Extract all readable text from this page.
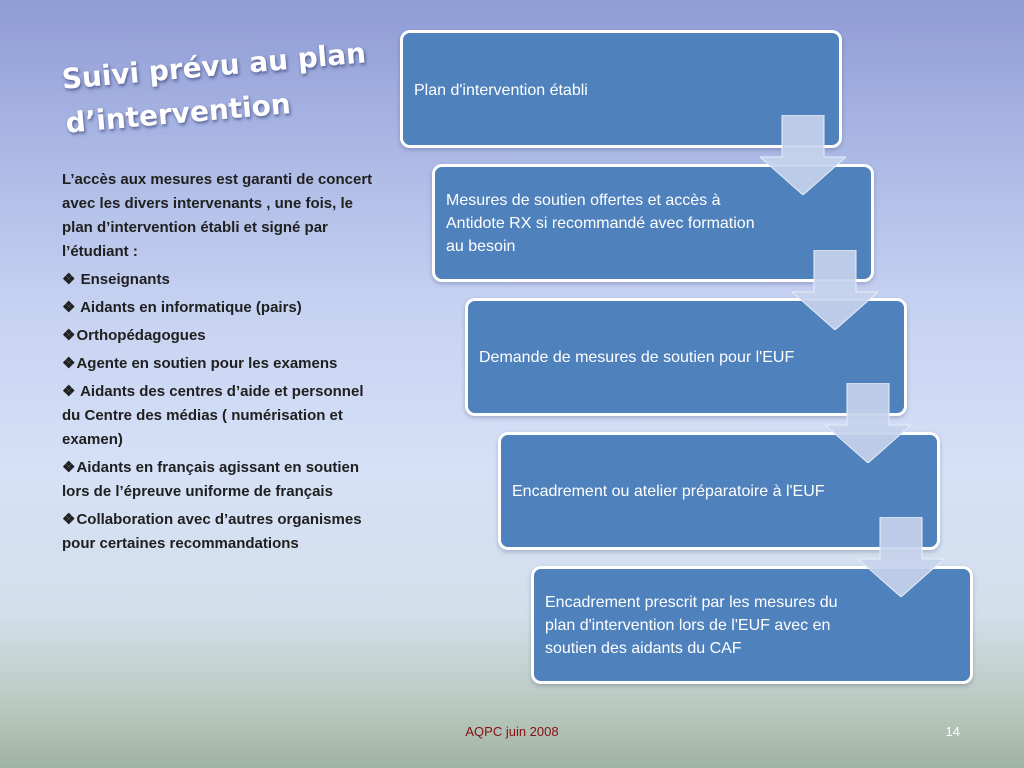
Suivi prévu au plan
d’intervention

L’accès aux mesures est garanti de concert avec les divers intervenants , une fois, le plan d’intervention établi et signé par l’étudiant :

❖ Enseignants
❖ Aidants en informatique (pairs)
❖Orthopédagogues
❖Agente en soutien pour les examens
❖ Aidants des centres d’aide et personnel du Centre des médias ( numérisation et examen)
❖Aidants en français agissant en soutien lors de l’épreuve uniforme de français
❖Collaboration avec d’autres organismes pour certaines recommandations
Plan d'intervention établi
Mesures de soutien offertes et accès à Antidote RX si recommandé avec formation au besoin
Demande de mesures de soutien pour l'EUF
Encadrement ou atelier préparatoire à l'EUF
Encadrement prescrit par les mesures du plan d'intervention lors de l'EUF avec en soutien des aidants du CAF
AQPC juin 2008	14
